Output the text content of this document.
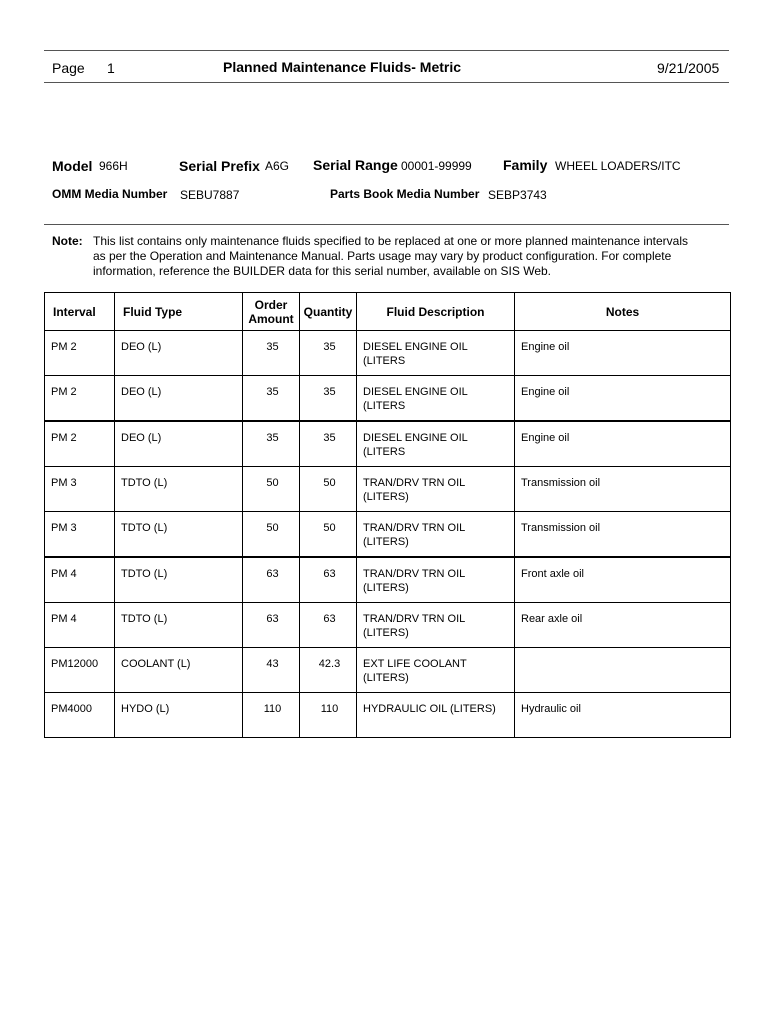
Page 1	Planned Maintenance Fluids- Metric	9/21/2005
Model 966H	Serial Prefix A6G Serial Range 00001-99999 Family WHEEL LOADERS/ITC
OMM Media Number SEBU7887	Parts Book Media Number SEBP3743
Note: This list contains only maintenance fluids specified to be replaced at one or more planned maintenance intervals

as per the Operation and Maintenance Manual. Parts usage may vary by product configuration. For complete

information, reference the BUILDER data for this serial number, available on SIS Web.

Interval	Fluid Type	Order
Amount	Quantity	Fluid Description	Notes

PM 2	DEO (L)	35	35	DIESEL ENGINE OIL
(LITERS	Engine oil

PM 2	DEO (L)	35	35	DIESEL ENGINE OIL
(LITERS	Engine oil

PM 2	DEO (L)	35	35	DIESEL ENGINE OIL
(LITERS	Engine oil

PM 3	TDTO (L)	50	50	TRAN/DRV TRN OIL
(LITERS)	Transmission oil

PM 3	TDTO (L)	50	50	TRAN/DRV TRN OIL
(LITERS)	Transmission oil

PM 4	TDTO (L)	63	63	TRAN/DRV TRN OIL
(LITERS)	Front axle oil

PM 4	TDTO (L)	63	63	TRAN/DRV TRN OIL
(LITERS)	Rear axle oil

PM12000	COOLANT (L)	43	42.3	EXT LIFE COOLANT
(LITERS)	

PM4000	HYDO (L)	110	110	HYDRAULIC OIL (LITERS)	Hydraulic oil
